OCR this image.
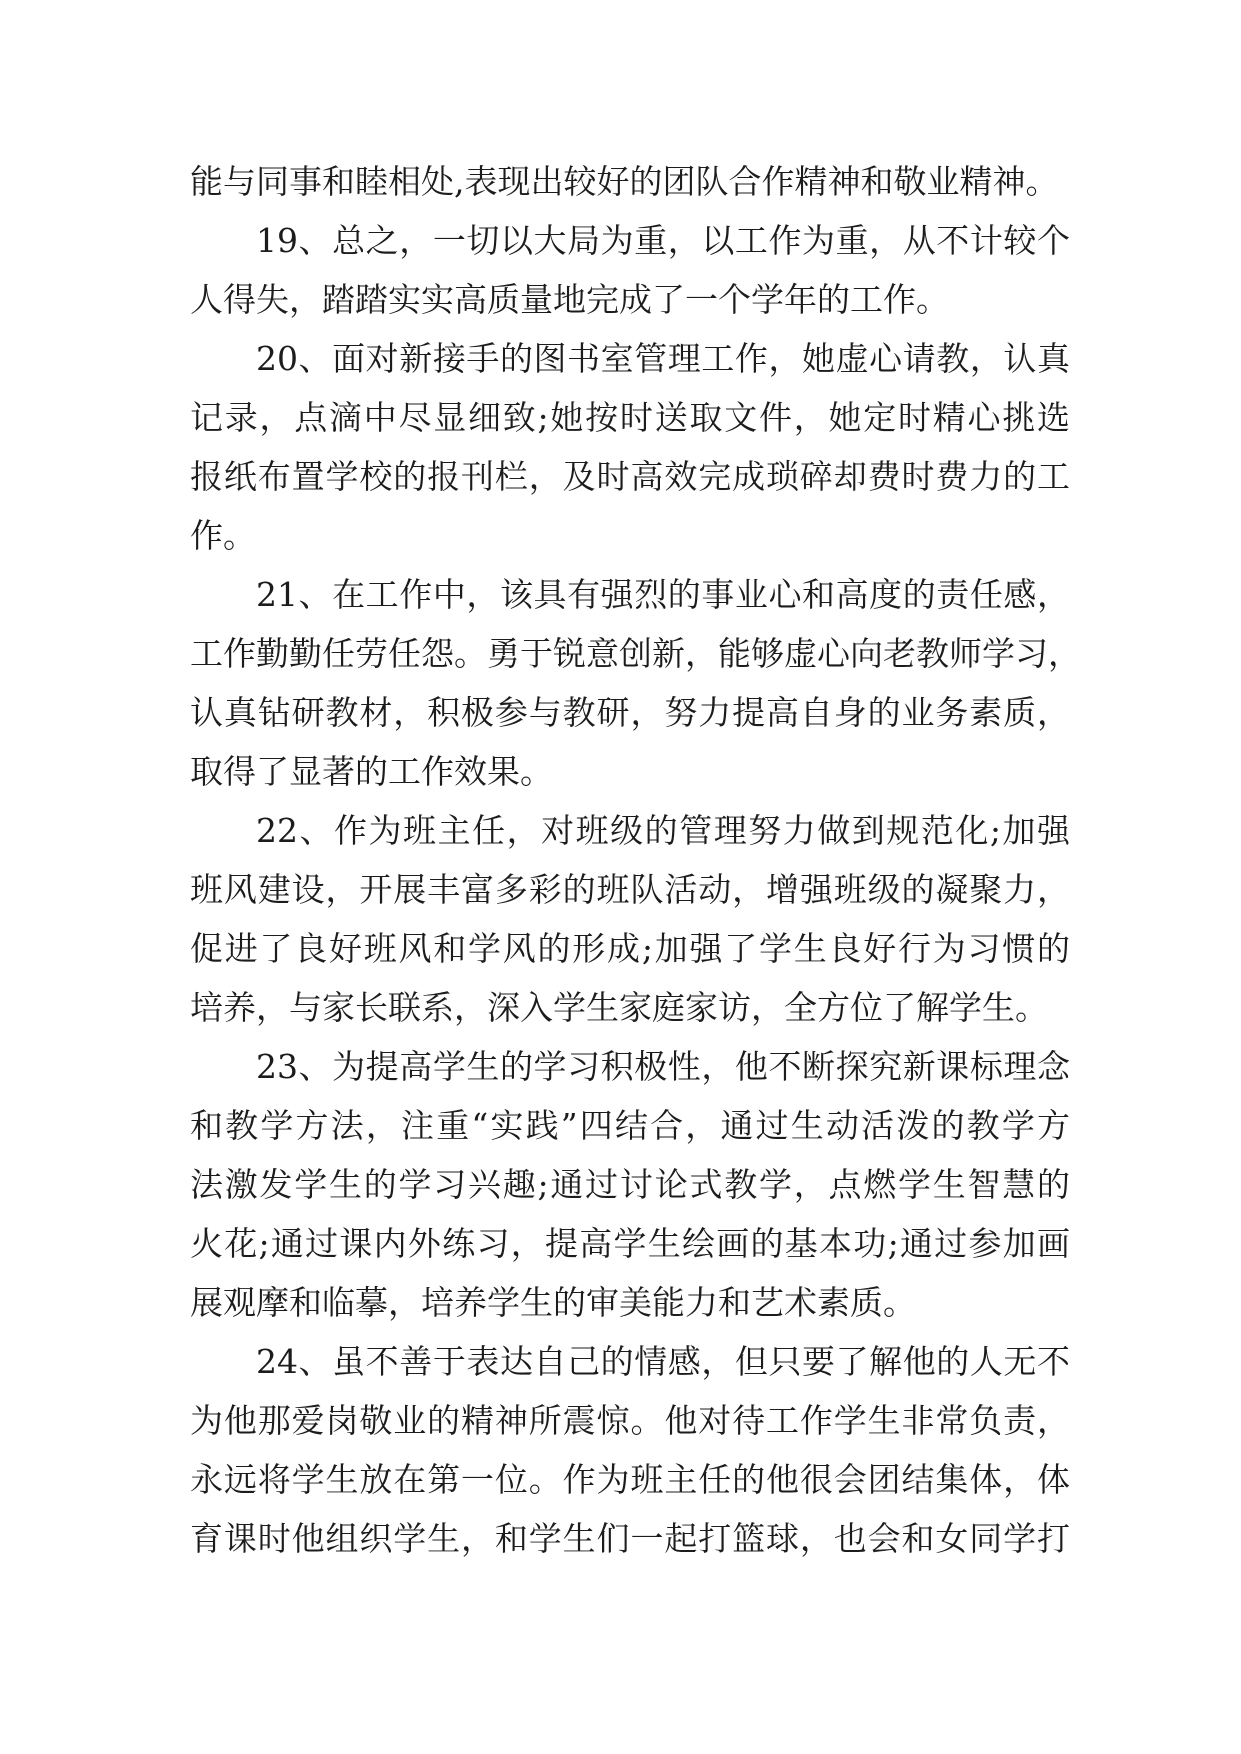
能与同事和睦相处,表现出较好的团队合作精神和敬业精神。
19、总之，一切以大局为重，以工作为重，从不计较个
人得失，踏踏实实高质量地完成了一个学年的工作。
20、面对新接手的图书室管理工作，她虚心请教，认真
记录，点滴中尽显细致;她按时送取文件，她定时精心挑选
报纸布置学校的报刊栏，及时高效完成琐碎却费时费力的工
作。
21、在工作中，该具有强烈的事业心和高度的责任感，
工作勤勤任劳任怨。勇于锐意创新，能够虚心向老教师学习，
认真钻研教材，积极参与教研，努力提高自身的业务素质，
取得了显著的工作效果。
22、作为班主任，对班级的管理努力做到规范化;加强
班风建设，开展丰富多彩的班队活动，增强班级的凝聚力，
促进了良好班风和学风的形成;加强了学生良好行为习惯的
培养，与家长联系，深入学生家庭家访，全方位了解学生。
23、为提高学生的学习积极性，他不断探究新课标理念
和教学方法，注重“实践”四结合，通过生动活泼的教学方
法激发学生的学习兴趣;通过讨论式教学，点燃学生智慧的
火花;通过课内外练习，提高学生绘画的基本功;通过参加画
展观摩和临摹，培养学生的审美能力和艺术素质。
24、虽不善于表达自己的情感，但只要了解他的人无不
为他那爱岗敬业的精神所震惊。他对待工作学生非常负责，
永远将学生放在第一位。作为班主任的他很会团结集体，体
育课时他组织学生，和学生们一起打篮球，也会和女同学打
